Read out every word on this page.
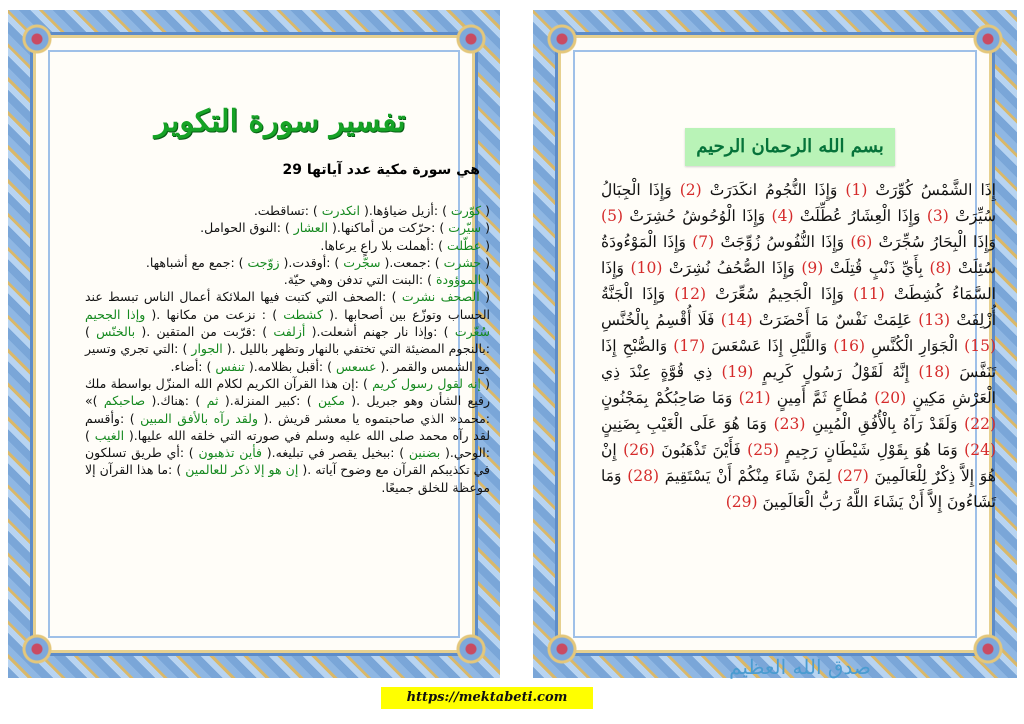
تفسير سورة التكوير
هي سورة مكية عدد آياتها 29
( كوّرت ) :أزيل ضياؤها.( انكدرت ) :تساقطت.
( سيّرت ) :حرّكت من أماكنها.( العشار ) :النوق الحوامل.
( عطّلت ) :أهملت بلا راعٍ يرعاها.
( حشرت ) :جمعت.( سجّرت ) :أوقدت.( زوّجت ) :جمع مع أشباهها.
( الموؤودة ) :البنت التي تدفن وهي حيّة.
( الصحف نشرت ) :الصحف التي كتبت فيها الملائكة أعمال الناس تبسط عند الحساب وتوزّع بين أصحابها .( كشطت ) : نزعت من مكانها .( وإذا الجحيم سُعّرت ) :وإذا نار جهنم أشعلت.( أزلفت ) :قرّبت من المتقين .( بالخنّس ) :بالنجوم المضيئة التي تختفي بالنهار وتظهر بالليل .( الجوار ) :التي تجري وتسير مع الشمس والقمر .( عسعس ) :أقبل بظلامه.( تنفس ) :أضاء.
( إنه لقول رسول كريم ) :إن هذا القرآن الكريم لكلام الله المنزّل بواسطة ملك رفيع الشأن وهو جبريل .( مكين ) :كبير المنزلة.( ثم ) :هناك.( صاحبكم )» :محمد« الذي صاحبتموه يا معشر قريش .( ولقد رآه بالأفق المبين ) :وأقسم لقد رآه محمد صلى الله عليه وسلم في صورته التي خلقه الله عليها.( الغيب ) :الوحي.( بضنين ) :ببخيل يقصر في تبليغه.( فأين تذهبون ) :أي طريق تسلكون في تكذيبكم القرآن مع وضوح آياته .( إن هو إلا ذكر للعالمين ) :ما هذا القرآن إلا موعظة للخلق جميعًا.
بسم الله الرحمان الرحيم
إِذَا الشَّمْسُ كُوِّرَتْ (1) وَإِذَا النُّجُومُ انكَدَرَتْ (2) وَإِذَا الْجِبَالُ سُيِّرَتْ (3) وَإِذَا الْعِشَارُ عُطِّلَتْ (4) وَإِذَا الْوُحُوشُ حُشِرَتْ (5) وَإِذَا الْبِحَارُ سُجِّرَتْ (6) وَإِذَا النُّفُوسُ زُوِّجَتْ (7) وَإِذَا الْمَوْءُودَةُ سُئِلَتْ (8) بِأَيِّ ذَنْبٍ قُتِلَتْ (9) وَإِذَا الصُّحُفُ نُشِرَتْ (10) وَإِذَا السَّمَاءُ كُشِطَتْ (11) وَإِذَا الْجَحِيمُ سُعِّرَتْ (12) وَإِذَا الْجَنَّةُ أُزْلِفَتْ (13) عَلِمَتْ نَفْسٌ مَا أَحْضَرَتْ (14) فَلَا أُقْسِمُ بِالْخُنَّسِ (15) الْجَوَارِ الْكُنَّسِ (16) وَاللَّيْلِ إِذَا عَسْعَسَ (17) وَالصُّبْحِ إِذَا تَنَفَّسَ (18) إِنَّهُ لَقَوْلُ رَسُولٍ كَرِيمٍ (19) ذِي قُوَّةٍ عِنْدَ ذِي الْعَرْشِ مَكِينٍ (20) مُطَاعٍ ثَمَّ أَمِينٍ (21) وَمَا صَاحِبُكُمْ بِمَجْنُونٍ (22) وَلَقَدْ رَآهُ بِالْأُفُقِ الْمُبِينِ (23) وَمَا هُوَ عَلَى الْغَيْبِ بِضَنِينٍ (24) وَمَا هُوَ بِقَوْلِ شَيْطَانٍ رَجِيمٍ (25) فَأَيْنَ تَذْهَبُونَ (26) إِنْ هُوَ إِلاَّ ذِكْرٌ لِلْعَالَمِينَ (27) لِمَنْ شَاءَ مِنْكُمْ أَنْ يَسْتَقِيمَ (28) وَمَا تَشَاءُونَ إِلاَّ أَنْ يَشَاءَ اللَّهُ رَبُّ الْعَالَمِينَ (29)
صدق الله العظيم
https://mektabeti.com
